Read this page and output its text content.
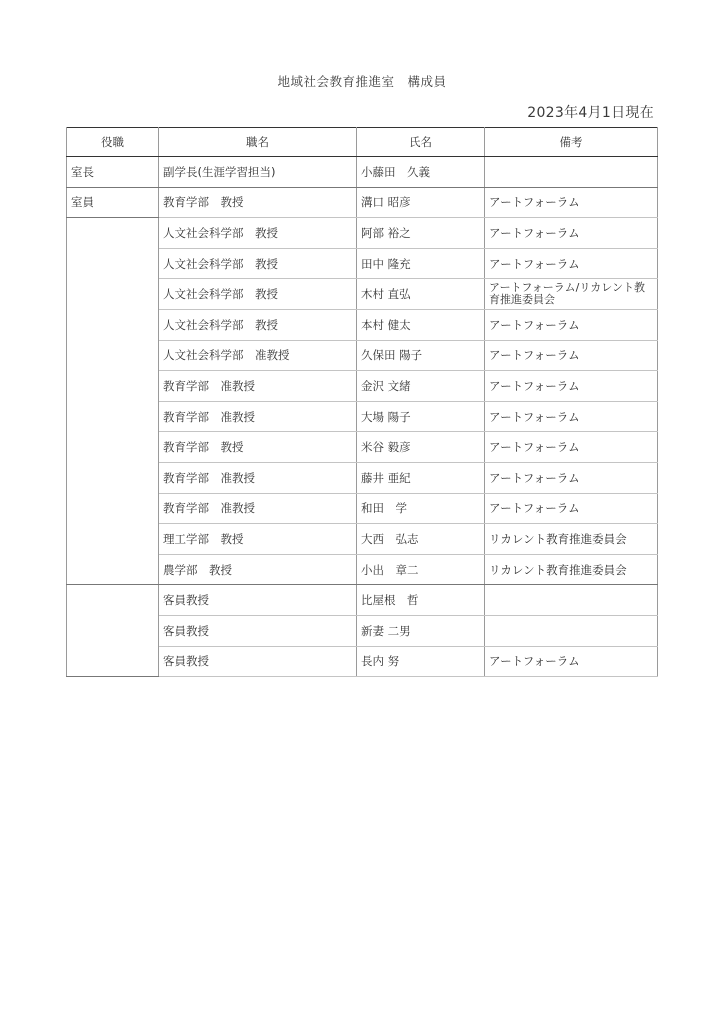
地域社会教育推進室　構成員
2023年4月1日現在
役職	職名	氏名	備考
室長	副学長(生涯学習担当)	小藤田　久義	
室員	教育学部　教授	溝口 昭彦	アートフォーラム
	人文社会科学部　教授	阿部 裕之	アートフォーラム
	人文社会科学部　教授	田中 隆充	アートフォーラム
	人文社会科学部　教授	木村 直弘	アートフォーラム/リカレント教育推進委員会
	人文社会科学部　教授	本村 健太	アートフォーラム
	人文社会科学部　准教授	久保田 陽子	アートフォーラム
	教育学部　准教授	金沢 文緒	アートフォーラム
	教育学部　准教授	大場 陽子	アートフォーラム
	教育学部　教授	米谷 毅彦	アートフォーラム
	教育学部　准教授	藤井 亜紀	アートフォーラム
	教育学部　准教授	和田　学	アートフォーラム
	理工学部　教授	大西　弘志	リカレント教育推進委員会
	農学部　教授	小出　章二	リカレント教育推進委員会
	客員教授	比屋根　哲	
	客員教授	新妻 二男	
	客員教授	長内 努	アートフォーラム
